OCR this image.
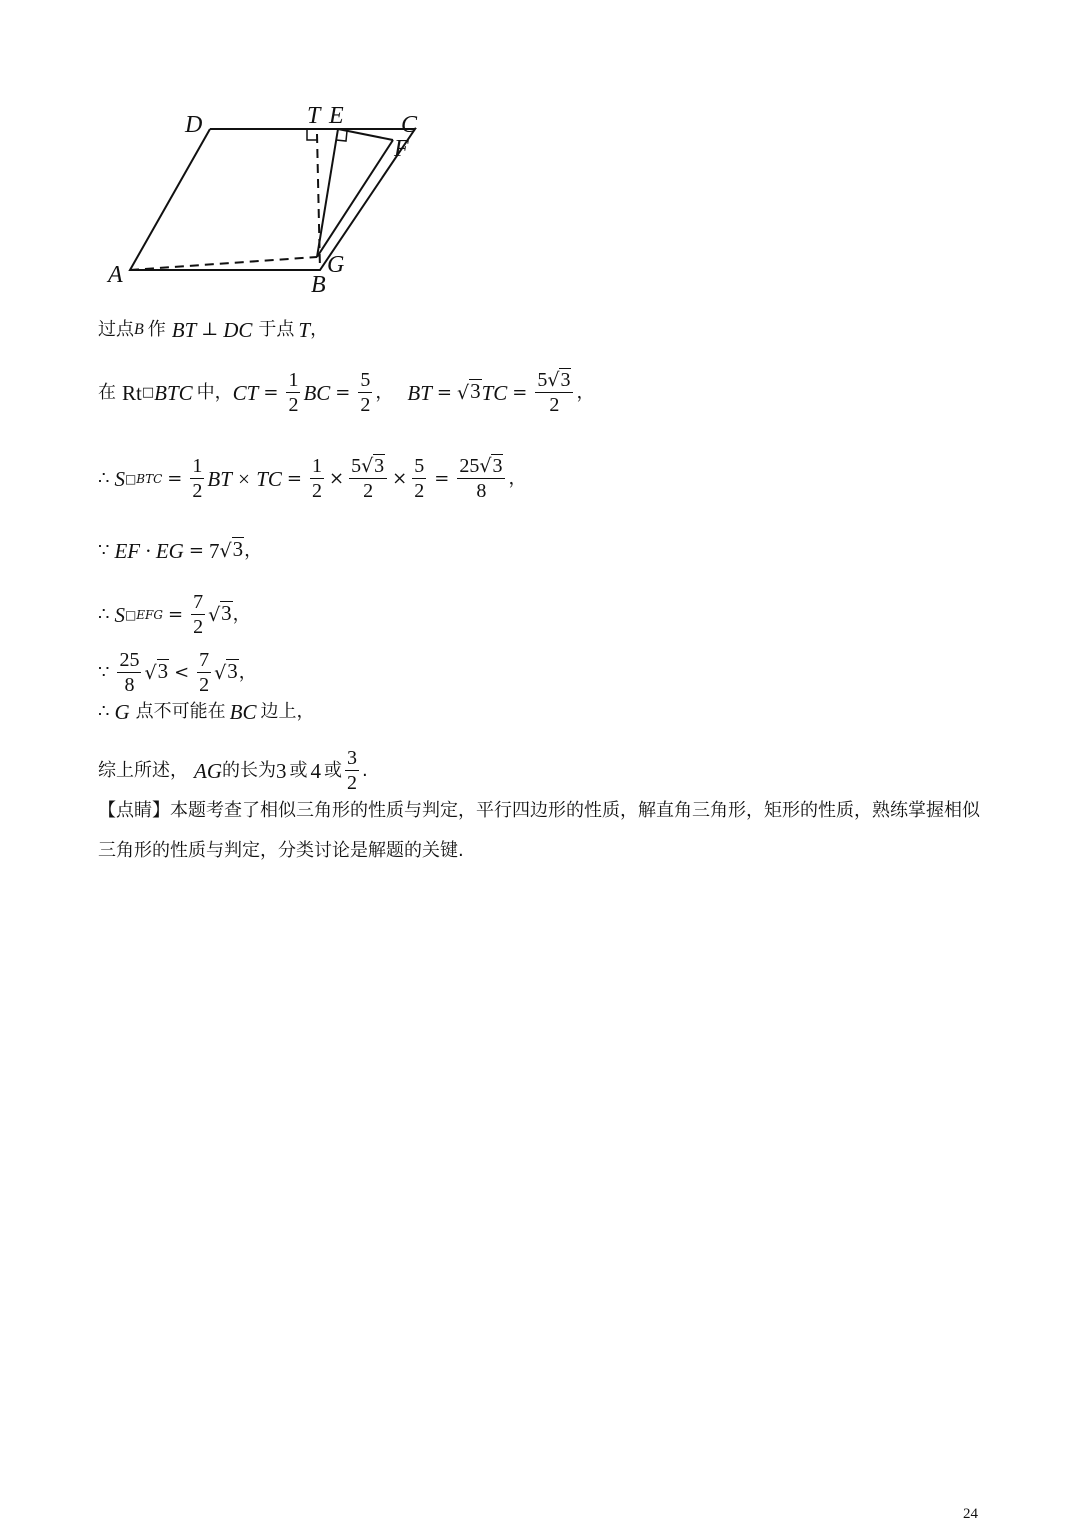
D	T E C
F
A	G
B
过点 B 作 BT ⊥ DC 于点 T ，
在 Rt □ BTC 中， CT = $\frac{1}{2}$ BC = $\frac{5}{2}$ ， BT = √ 3 TC = $\frac{5 √ 3}{2}$ ，
∴ S □BTC = $\frac{1}{2}$ BT × TC = $\frac{1}{2} \times \frac{5 √ 3}{2} \times \frac{5}{2} = \frac{25 √ 3}{8}$ ，
∵ EF · EG = 7 √ 3 ，
∴ S □EFG = $\frac{7}{2}$ √ 3 ，
∵ $\frac{25}{8}$ √ $3 < \frac{7}{2}$ √ 3 ，
∴ G 点不可能在 BC 边上，
综上所述， AG 的长为 3 或 4 或 $\frac{3}{2}$ .
【点睛】本题考查了相似三角形的性质与判定，平行四边形的性质，解直角三角形，矩形的性质，熟练掌握相似三角形的性质与判定，分类讨论是解题的关键.
24
